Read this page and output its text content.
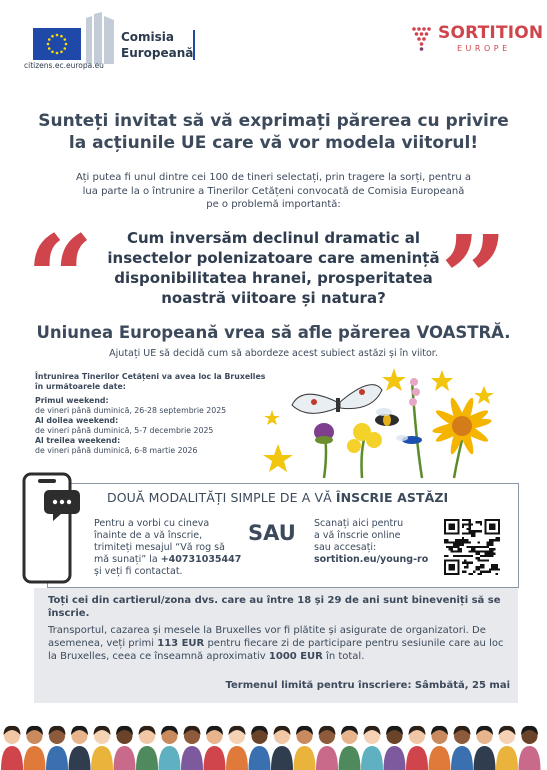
Comisia
Europeană
citizens.ec.europa.eu
SORTITION
EUROPE
Sunteți invitat să vă exprimați părerea cu privire
la acțiunile UE care vă vor modela viitorul!
Ați putea fi unul dintre cei 100 de tineri selectați, prin tragere la sorți, pentru a
lua parte la o întrunire a Tinerilor Cetățeni convocată de Comisia Europeană
pe o problemă importantă:
“	”
Cum inversăm declinul dramatic al
insectelor polenizatoare care amenință
disponibilitatea hranei, prosperitatea
noastră viitoare și natura?
Uniunea Europeană vrea să afle părerea VOASTRĂ.
Ajutați UE să decidă cum să abordeze acest subiect astăzi și în viitor.
Întrunirea Tinerilor Cetățeni va avea loc la Bruxelles
în următoarele date:
Primul weekend:
de vineri până duminică, 26-28 septembrie 2025
Al doilea weekend:
de vineri până duminică, 5-7 decembrie 2025
Al treilea weekend:
de vineri până duminică, 6-8 martie 2026
DOUĂ MODALITĂȚI SIMPLE DE A VĂ ÎNSCRIE ASTĂZI
Pentru a vorbi cu cineva
înainte de a vă înscrie,
trimiteți mesajul “Vă rog să
mă sunați” la +40731035447
și veți fi contactat.
SAU Scanați aici pentru
a vă înscrie online
sau accesați:
sortition.eu/young-ro
Toți cei din cartierul/zona dvs. care au între 18 și 29 de ani sunt bineveniți să se înscrie.
Transportul, cazarea și mesele la Bruxelles vor fi plătite și asigurate de organizatori. De asemenea, veți primi 113 EUR pentru fiecare zi de participare pentru sesiunile care au loc la Bruxelles, ceea ce înseamnă aproximativ 1000 EUR în total.
Termenul limită pentru înscriere: Sâmbătă, 25 mai
